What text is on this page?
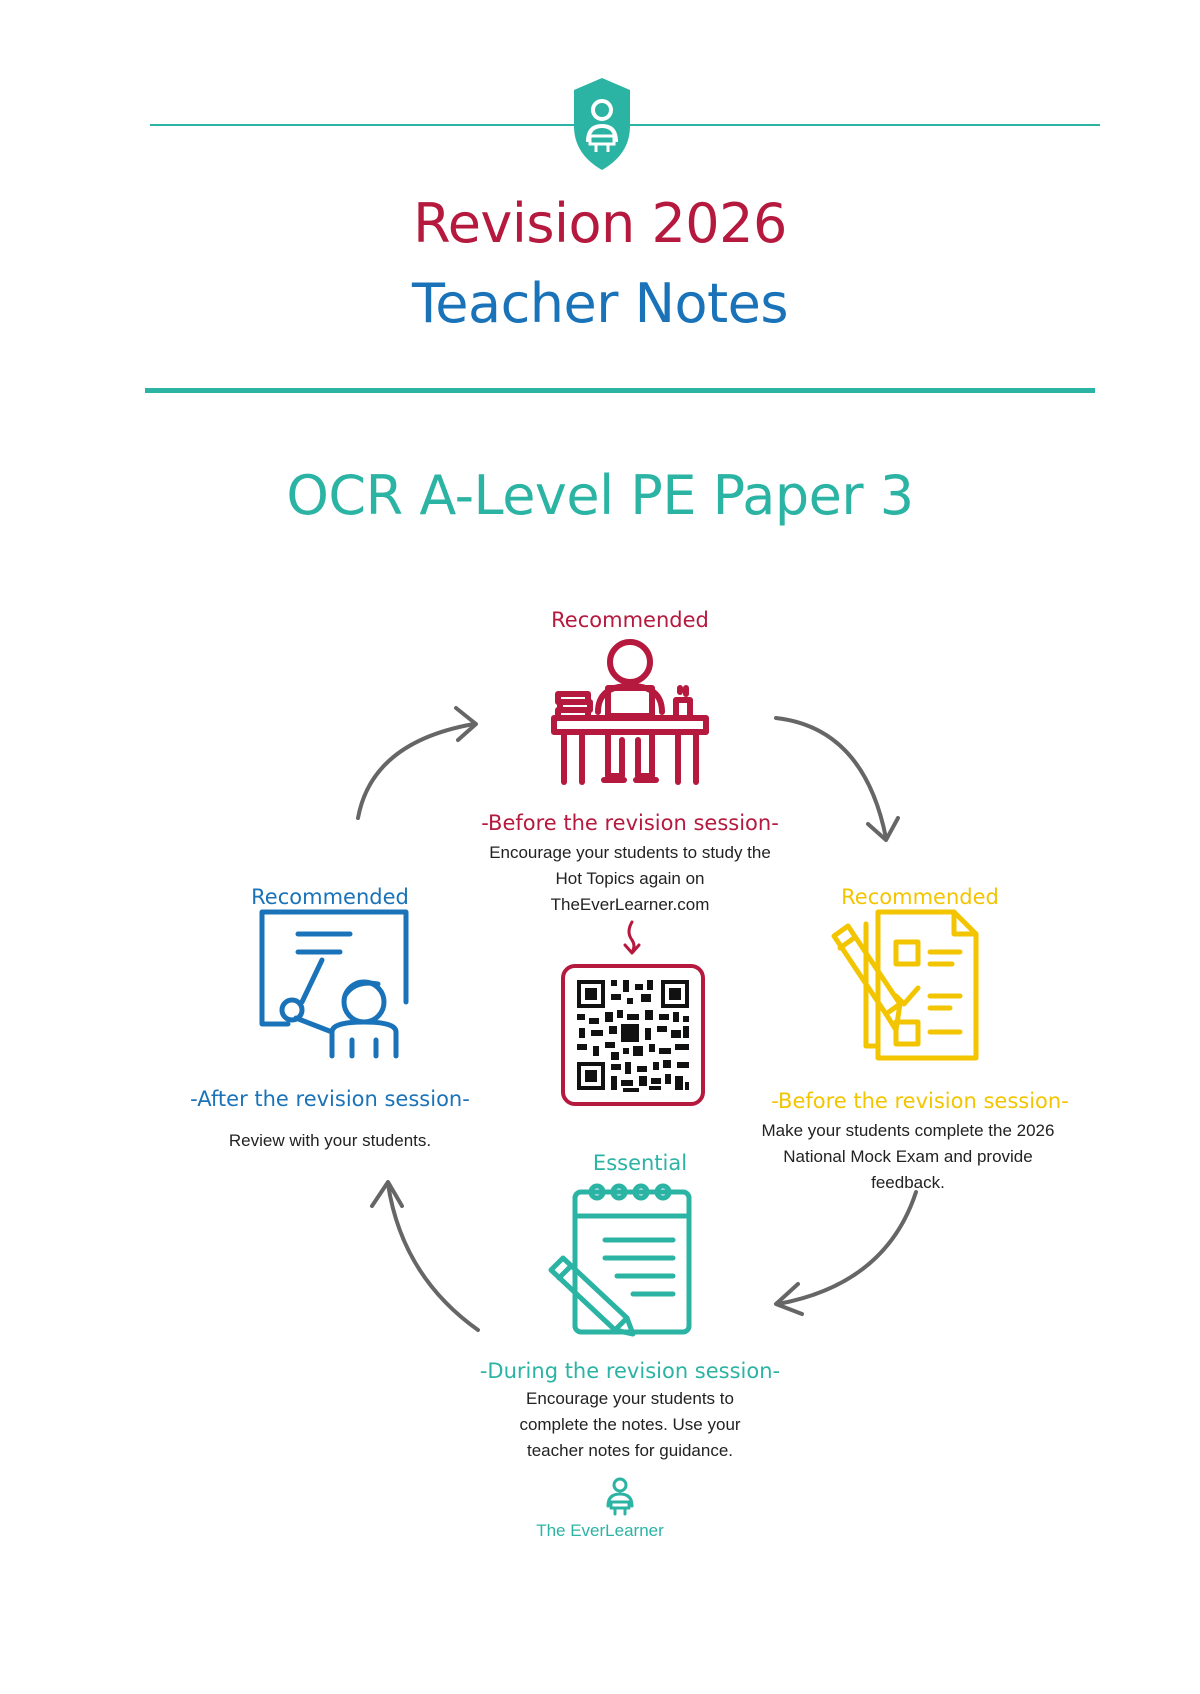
Revision 2026
Teacher Notes
OCR A-Level PE Paper 3
Recommended
-Before the revision session-
Encourage your students to study the Hot Topics again on TheEverLearner.com	Recommended
-Before the revision session-
Make your students complete the 2026 National Mock Exam and provide feedback.
Essential
-During the revision session-
Encourage your students to complete the notes. Use your teacher notes for guidance.
Recommended
-After the revision session-
Review with your students.
The EverLearner
